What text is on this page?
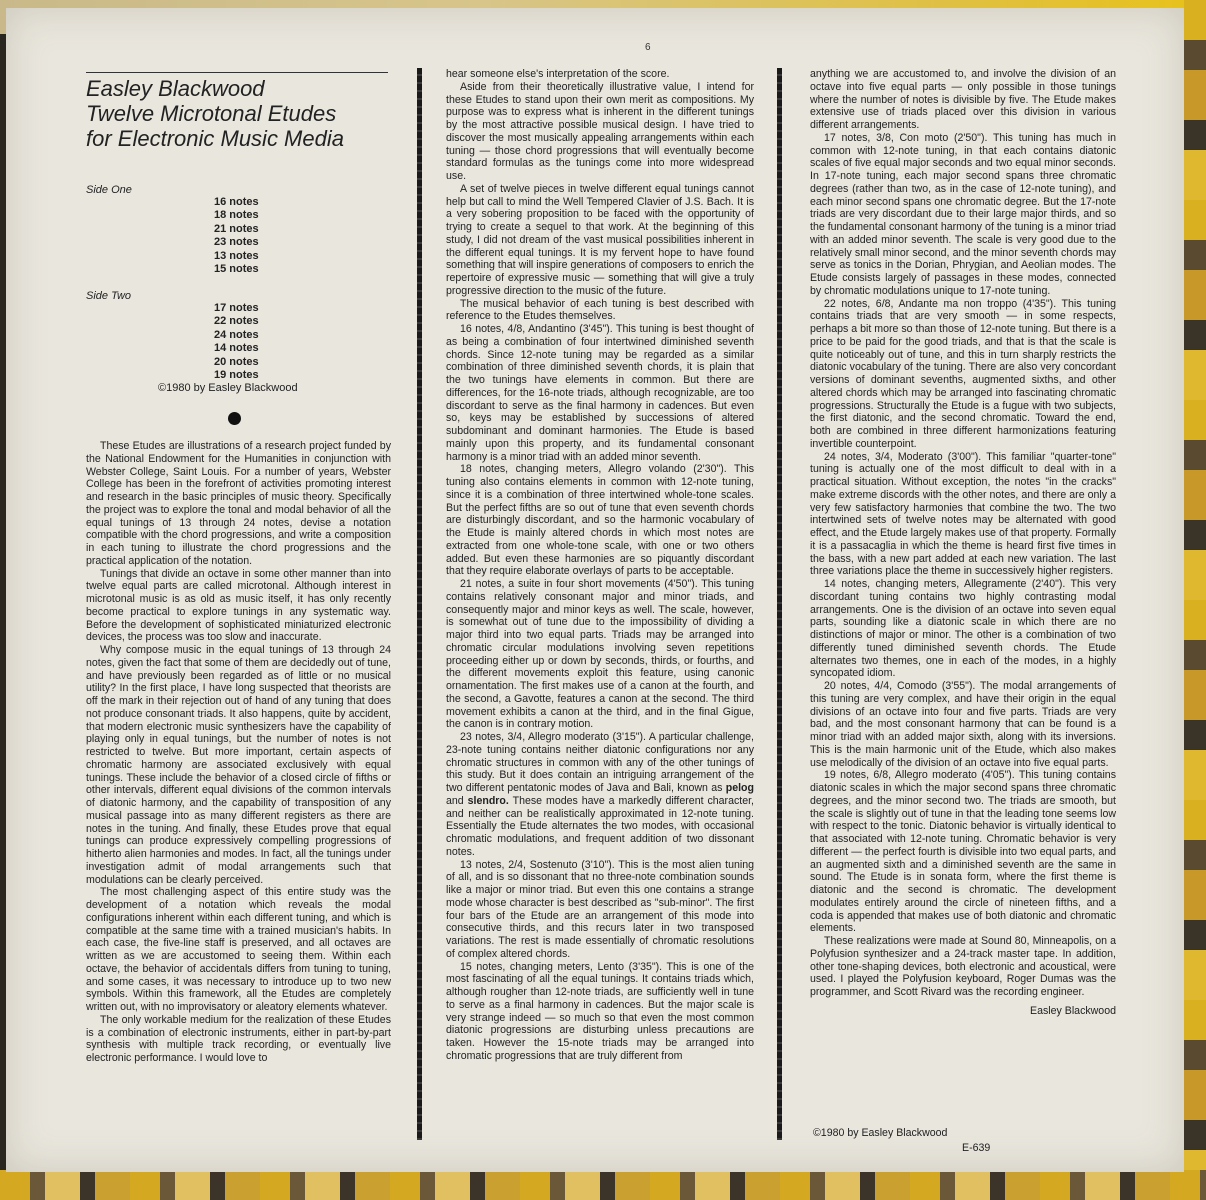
6
Easley Blackwood
Twelve Microtonal Etudes
for Electronic Music Media
Side One
16 notes
18 notes
21 notes
23 notes
13 notes
15 notes
Side Two
17 notes
22 notes
24 notes
14 notes
20 notes
19 notes
©1980 by Easley Blackwood

These Etudes are illustrations of a research project funded by the National Endowment for the Humanities in conjunction with Webster College, Saint Louis. For a number of years, Webster College has been in the forefront of activities promoting interest and research in the basic principles of music theory. Specifically the project was to explore the tonal and modal behavior of all the equal tunings of 13 through 24 notes, devise a notation compatible with the chord progressions, and write a composition in each tuning to illustrate the chord progressions and the practical application of the notation.

Tunings that divide an octave in some other manner than into twelve equal parts are called microtonal. Although interest in microtonal music is as old as music itself, it has only recently become practical to explore tunings in any systematic way. Before the development of sophisticated miniaturized electronic devices, the process was too slow and inaccurate.

Why compose music in the equal tunings of 13 through 24 notes, given the fact that some of them are decidedly out of tune, and have previously been regarded as of little or no musical utility? In the first place, I have long suspected that theorists are off the mark in their rejection out of hand of any tuning that does not produce consonant triads. It also happens, quite by accident, that modern electronic music synthesizers have the capability of playing only in equal tunings, but the number of notes is not restricted to twelve. But more important, certain aspects of chromatic harmony are associated exclusively with equal tunings. These include the behavior of a closed circle of fifths or other intervals, different equal divisions of the common intervals of diatonic harmony, and the capability of transposition of any musical passage into as many different registers as there are notes in the tuning. And finally, these Etudes prove that equal tunings can produce expressively compelling progressions of hitherto alien harmonies and modes. In fact, all the tunings under investigation admit of modal arrangements such that modulations can be clearly perceived.

The most challenging aspect of this entire study was the development of a notation which reveals the modal configurations inherent within each different tuning, and which is compatible at the same time with a trained musician's habits. In each case, the five-line staff is preserved, and all octaves are written as we are accustomed to seeing them. Within each octave, the behavior of accidentals differs from tuning to tuning, and some cases, it was necessary to introduce up to two new symbols. Within this framework, all the Etudes are completely written out, with no improvisatory or aleatory elements whatever.

The only workable medium for the realization of these Etudes is a combination of electronic instruments, either in part-by-part synthesis with multiple track recording, or eventually live electronic performance. I would love to

hear someone else's interpretation of the score.

Aside from their theoretically illustrative value, I intend for these Etudes to stand upon their own merit as compositions. My purpose was to express what is inherent in the different tunings by the most attractive possible musical design. I have tried to discover the most musically appealing arrangements within each tuning — those chord progressions that will eventually become standard formulas as the tunings come into more widespread use.

A set of twelve pieces in twelve different equal tunings cannot help but call to mind the Well Tempered Clavier of J.S. Bach. It is a very sobering proposition to be faced with the opportunity of trying to create a sequel to that work. At the beginning of this study, I did not dream of the vast musical possibilities inherent in the different equal tunings. It is my fervent hope to have found something that will inspire generations of composers to enrich the repertoire of expressive music — something that will give a truly progressive direction to the music of the future.

The musical behavior of each tuning is best described with reference to the Etudes themselves.

16 notes, 4/8, Andantino (3'45"). This tuning is best thought of as being a combination of four intertwined diminished seventh chords. Since 12-note tuning may be regarded as a similar combination of three diminished seventh chords, it is plain that the two tunings have elements in common. But there are differences, for the 16-note triads, although recognizable, are too discordant to serve as the final harmony in cadences. But even so, keys may be established by successions of altered subdominant and dominant harmonies. The Etude is based mainly upon this property, and its fundamental consonant harmony is a minor triad with an added minor seventh.

18 notes, changing meters, Allegro volando (2'30"). This tuning also contains elements in common with 12-note tuning, since it is a combination of three intertwined whole-tone scales. But the perfect fifths are so out of tune that even seventh chords are disturbingly discordant, and so the harmonic vocabulary of the Etude is mainly altered chords in which most notes are extracted from one whole-tone scale, with one or two others added. But even these harmonies are so piquantly discordant that they require elaborate overlays of parts to be acceptable.

21 notes, a suite in four short movements (4'50"). This tuning contains relatively consonant major and minor triads, and consequently major and minor keys as well. The scale, however, is somewhat out of tune due to the impossibility of dividing a major third into two equal parts. Triads may be arranged into chromatic circular modulations involving seven repetitions proceeding either up or down by seconds, thirds, or fourths, and the different movements exploit this feature, using canonic ornamentation. The first makes use of a canon at the fourth, and the second, a Gavotte, features a canon at the second. The third movement exhibits a canon at the third, and in the final Gigue, the canon is in contrary motion.

23 notes, 3/4, Allegro moderato (3'15"). A particular challenge, 23-note tuning contains neither diatonic configurations nor any chromatic structures in common with any of the other tunings of this study. But it does contain an intriguing arrangement of the two different pentatonic modes of Java and Bali, known as pelog and slendro. These modes have a markedly different character, and neither can be realistically approximated in 12-note tuning. Essentially the Etude alternates the two modes, with occasional chromatic modulations, and frequent addition of two dissonant notes.

13 notes, 2/4, Sostenuto (3'10"). This is the most alien tuning of all, and is so dissonant that no three-note combination sounds like a major or minor triad. But even this one contains a strange mode whose character is best described as "sub-minor". The first four bars of the Etude are an arrangement of this mode into consecutive thirds, and this recurs later in two transposed variations. The rest is made essentially of chromatic resolutions of complex altered chords.

15 notes, changing meters, Lento (3'35"). This is one of the most fascinating of all the equal tunings. It contains triads which, although rougher than 12-note triads, are sufficiently well in tune to serve as a final harmony in cadences. But the major scale is very strange indeed — so much so that even the most common diatonic progressions are disturbing unless precautions are taken. However the 15-note triads may be arranged into chromatic progressions that are truly different from

anything we are accustomed to, and involve the division of an octave into five equal parts — only possible in those tunings where the number of notes is divisible by five. The Etude makes extensive use of triads placed over this division in various different arrangements.

17 notes, 3/8, Con moto (2'50"). This tuning has much in common with 12-note tuning, in that each contains diatonic scales of five equal major seconds and two equal minor seconds. In 17-note tuning, each major second spans three chromatic degrees (rather than two, as in the case of 12-note tuning), and each minor second spans one chromatic degree. But the 17-note triads are very discordant due to their large major thirds, and so the fundamental consonant harmony of the tuning is a minor triad with an added minor seventh. The scale is very good due to the relatively small minor second, and the minor seventh chords may serve as tonics in the Dorian, Phrygian, and Aeolian modes. The Etude consists largely of passages in these modes, connected by chromatic modulations unique to 17-note tuning.

22 notes, 6/8, Andante ma non troppo (4'35"). This tuning contains triads that are very smooth — in some respects, perhaps a bit more so than those of 12-note tuning. But there is a price to be paid for the good triads, and that is that the scale is quite noticeably out of tune, and this in turn sharply restricts the diatonic vocabulary of the tuning. There are also very concordant versions of dominant sevenths, augmented sixths, and other altered chords which may be arranged into fascinating chromatic progressions. Structurally the Etude is a fugue with two subjects, the first diatonic, and the second chromatic. Toward the end, both are combined in three different harmonizations featuring invertible counterpoint.

24 notes, 3/4, Moderato (3'00"). This familiar "quarter-tone" tuning is actually one of the most difficult to deal with in a practical situation. Without exception, the notes "in the cracks" make extreme discords with the other notes, and there are only a very few satisfactory harmonies that combine the two. The two intertwined sets of twelve notes may be alternated with good effect, and the Etude largely makes use of that property. Formally it is a passacaglia in which the theme is heard first five times in the bass, with a new part added at each new variation. The last three variations place the theme in successively higher registers.

14 notes, changing meters, Allegramente (2'40"). This very discordant tuning contains two highly contrasting modal arrangements. One is the division of an octave into seven equal parts, sounding like a diatonic scale in which there are no distinctions of major or minor. The other is a combination of two differently tuned diminished seventh chords. The Etude alternates two themes, one in each of the modes, in a highly syncopated idiom.

20 notes, 4/4, Comodo (3'55"). The modal arrangements of this tuning are very complex, and have their origin in the equal divisions of an octave into four and five parts. Triads are very bad, and the most consonant harmony that can be found is a minor triad with an added major sixth, along with its inversions. This is the main harmonic unit of the Etude, which also makes use melodically of the division of an octave into five equal parts.

19 notes, 6/8, Allegro moderato (4'05"). This tuning contains diatonic scales in which the major second spans three chromatic degrees, and the minor second two. The triads are smooth, but the scale is slightly out of tune in that the leading tone seems low with respect to the tonic. Diatonic behavior is virtually identical to that associated with 12-note tuning. Chromatic behavior is very different — the perfect fourth is divisible into two equal parts, and an augmented sixth and a diminished seventh are the same in sound. The Etude is in sonata form, where the first theme is diatonic and the second is chromatic. The development modulates entirely around the circle of nineteen fifths, and a coda is appended that makes use of both diatonic and chromatic elements.

These realizations were made at Sound 80, Minneapolis, on a Polyfusion synthesizer and a 24-track master tape. In addition, other tone-shaping devices, both electronic and acoustical, were used. I played the Polyfusion keyboard, Roger Dumas was the programmer, and Scott Rivard was the recording engineer.

Easley Blackwood

©1980 by Easley Blackwood
E-639
